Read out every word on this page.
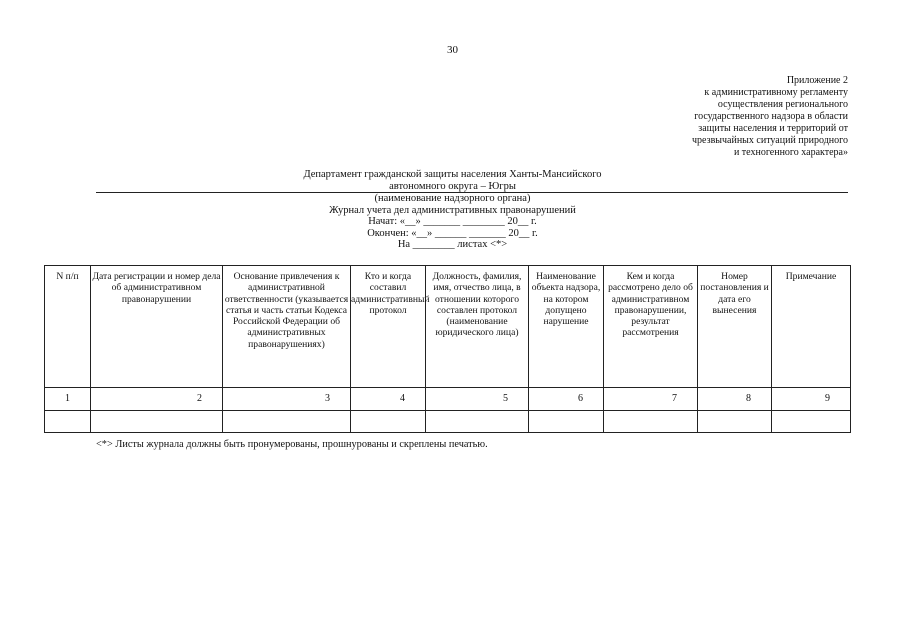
30
Приложение 2
к административному регламенту
осуществления регионального
государственного надзора в области
защиты населения и территорий от
чрезвычайных ситуаций природного
и техногенного характера»
Департамент гражданской защиты населения Ханты-Мансийского
автономного округа – Югры
(наименование надзорного органа)
Журнал учета дел административных правонарушений
Начат: «__» _______ ________ 20__ г.
Окончен: «__» ______ _______ 20__ г.
На ________ листах <*>
N п/п	Дата регистрации и номер дела об административном правонарушении	Основание привлечения к административной ответственности (указывается статья и часть статьи Кодекса Российской Федерации об административных правонарушениях)	Кто и когда составил административный протокол	Должность, фамилия, имя, отчество лица, в отношении которого составлен протокол (наименование юридического лица)	Наименование объекта надзора, на котором допущено нарушение	Кем и когда рассмотрено дело об административном правонарушении, результат рассмотрения	Номер постановления и дата его вынесения	Примечание
1	2	3	4	5	6	7	8	9

<*> Листы журнала должны быть пронумерованы, прошнурованы и скреплены печатью.
